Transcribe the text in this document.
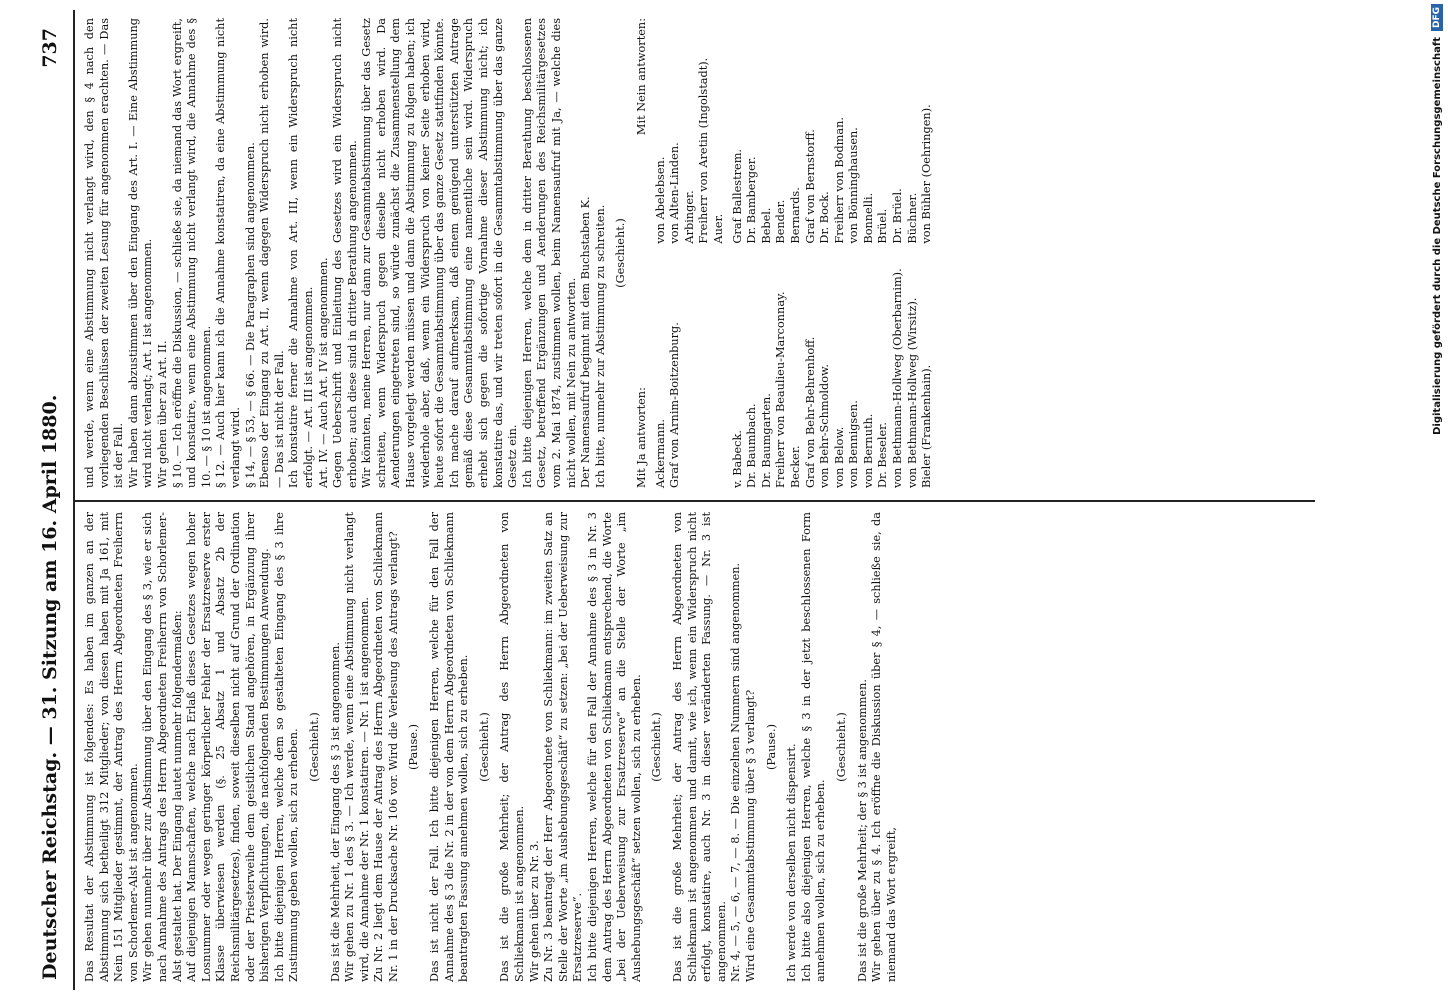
Deutscher Reichstag. — 31. Sitzung am 16. April 1880.
737

Das Resultat der Abstimmung ist folgendes: Es haben im ganzen an der Abstimmung sich betheiligt 312 Mitglieder; von diesen haben mit Ja 161, mit Nein 151 Mitglieder gestimmt, der Antrag des Herrn Abgeordneten Freiherrn von Schorlemer-Alst ist angenommen. Wir gehen nunmehr über zur Abstimmung über den Eingang des § 3, wie er sich nach Annahme des Antrags des Herrn Abgeordneten Freiherrn von Schorlemer-Alst gestaltet hat. Der Eingang lautet nunmehr folgendermaßen: Auf diejenigen Mannschaften, welche nach Erlaß dieses Gesetzes wegen hoher Losnummer oder wegen geringer körperlicher Fehler der Ersatzreserve erster Klasse überwiesen werden (§. 25 Absatz 1 und Absatz 2b der Reichsmilitärgesetzes), finden, soweit dieselben nicht auf Grund der Ordination oder der Priesterweihe dem geistlichen Stand angehören, in Ergänzung ihrer bisherigen Verpflichtungen, die nachfolgenden Bestimmungen Anwendung. Ich bitte diejenigen Herren, welche dem so gestalteten Eingang des § 3 ihre Zustimmung geben wollen, sich zu erheben. (Geschieht.) Das ist die Mehrheit, der Eingang des § 3 ist angenommen. Wir gehen zu Nr. 1 des § 3. — Ich werde, wenn eine Abstimmung nicht verlangt wird, die Annahme der Nr. 1 konstatiren. — Nr. 1 ist angenommen. Zu Nr. 2 liegt dem Hause der Antrag des Herrn Abgeordneten von Schliekmann Nr. 1 in der Drucksache Nr. 106 vor. Wird die Verlesung des Antrags verlangt? (Pause.) Das ist nicht der Fall. Ich bitte diejenigen Herren, welche für den Fall der Annahme des § 3 die Nr. 2 in der von dem Herrn Abgeordneten von Schliekmann beantragten Fassung annehmen wollen, sich zu erheben. (Geschieht.) Das ist die große Mehrheit; der Antrag des Herrn Abgeordneten von Schliekmann ist angenommen. Wir gehen über zu Nr. 3. Zu Nr. 3 beantragt der Herr Abgeordnete von Schliekmann: im zweiten Satz an Stelle der Worte „im Aushebungsgeschäft“ zu setzen: „bei der Ueberweisung zur Ersatzreserve“. Ich bitte diejenigen Herren, welche für den Fall der Annahme des § 3 in Nr. 3 dem Antrag des Herrn Abgeordneten von Schliekmann entsprechend, die Worte „bei der Ueberweisung zur Ersatzreserve“ an die Stelle der Worte „im Aushebungsgeschäft“ setzen wollen, sich zu erheben. (Geschieht.) Das ist die große Mehrheit; der Antrag des Herrn Abgeordneten von Schliekmann ist angenommen und damit, wie ich, wenn ein Widerspruch nicht erfolgt, konstatire, auch Nr. 3 in dieser veränderten Fassung. — Nr. 3 ist angenommen. Nr. 4, — 5, — 6, — 7, — 8. — Die einzelnen Nummern sind angenommen. Wird eine Gesammtabstimmung über § 3 verlangt? (Pause.) Ich werde von derselben nicht dispensirt. Ich bitte also diejenigen Herren, welche § 3 in der jetzt beschlossenen Form annehmen wollen, sich zu erheben.

(Geschieht.) Das ist die große Mehrheit; der § 3 ist angenommen. Wir gehen über zu § 4. Ich eröffne die Diskussion über § 4, — schließe sie, da niemand das Wort ergreift,

und werde, wenn eine Abstimmung nicht verlangt wird, den § 4 nach den vorliegenden Beschlüssen der zweiten Lesung für angenommen erachten. — Das ist der Fall. Wir haben dann abzustimmen über den Eingang des Art. I. — Eine Abstimmung wird nicht verlangt; Art. I ist angenommen. Wir gehen über zu Art. II. § 10. — Ich eröffne die Diskussion, — schließe sie, da niemand das Wort ergreift, und konstatire, wenn eine Abstimmung nicht verlangt wird, die Annahme des § 10. — § 10 ist angenommen. § 12. — Auch hier kann ich die Annahme konstatiren, da eine Abstimmung nicht verlangt wird. § 14, — § 53, — § 66. — Die Paragraphen sind angenommen. Ebenso der Eingang zu Art. II, wenn dagegen Widerspruch nicht erhoben wird. — Das ist nicht der Fall. Ich konstatire ferner die Annahme von Art. III, wenn ein Widerspruch nicht erfolgt. — Art. III ist angenommen. Art. IV. — Auch Art. IV ist angenommen. Gegen Ueberschrift und Einleitung des Gesetzes wird ein Widerspruch nicht erhoben; auch diese sind in dritter Berathung angenommen. Wir könnten, meine Herren, nur dann zur Gesammtabstimmung über das Gesetz schreiten, wenn Widerspruch gegen dieselbe nicht erhoben wird. Da Aenderungen eingetreten sind, so würde zunächst die Zusammenstellung dem Hause vorgelegt werden müssen und dann die Abstimmung zu folgen haben; ich wiederhole aber, daß, wenn ein Widerspruch von keiner Seite erhoben wird, heute sofort die Gesammtabstimmung über das ganze Gesetz stattfinden könnte. Ich mache darauf aufmerksam, daß einem genügend unterstützten Antrage gemäß diese Gesammtabstimmung eine namentliche sein wird. Widerspruch erhebt sich gegen die sofortige Vornahme dieser Abstimmung nicht; ich konstatire das, und wir treten sofort in die Gesammtabstimmung über das ganze Gesetz ein. Ich bitte diejenigen Herren, welche dem in dritter Berathung beschlossenen Gesetz, betreffend Ergänzungen und Aenderungen des Reichsmilitärgesetzes vom 2. Mai 1874, zustimmen wollen, beim Namensaufruf mit Ja, — welche dies nicht wollen, mit Nein zu antworten. Der Namensaufruf beginnt mit dem Buchstaben K. Ich bitte, nunmehr zur Abstimmung zu schreiten. (Geschieht.)

Mit Ja antworten:
Mit Nein antworten:

Ackermann. Graf von Arnim-Boitzenburg.
von Abelebsen. von Alten-Linden. Arbinger. Freiherr von Aretin (Ingolstadt). Auer.
v. Babeck. Dr. Baumbach. Dr. Baumgarten. Freiherr von Beaulieu-Marconnay. Becker. Graf von Behr-Behrenhoff. von Behr-Schmoldow. von Below. von Bennigsen. von Bernuth. Dr. Beseler. von Bethmann-Hollweg (Oberbarnim). von Bethmann-Hollweg (Wirsitz). Bieler (Frankenhain).
Graf Ballestrem. Dr. Bamberger. Bebel. Bender. Bernards. Graf von Bernstorff. Dr. Bock. Freiherr von Bodman. von Bönninghausen. Bonnelli. Brüel. Dr. Brüel. Büchner. von Bühler (Oehringen).	Digitalisierung gefördert durch die Deutsche Forschungsgemeinschaft
DFG
